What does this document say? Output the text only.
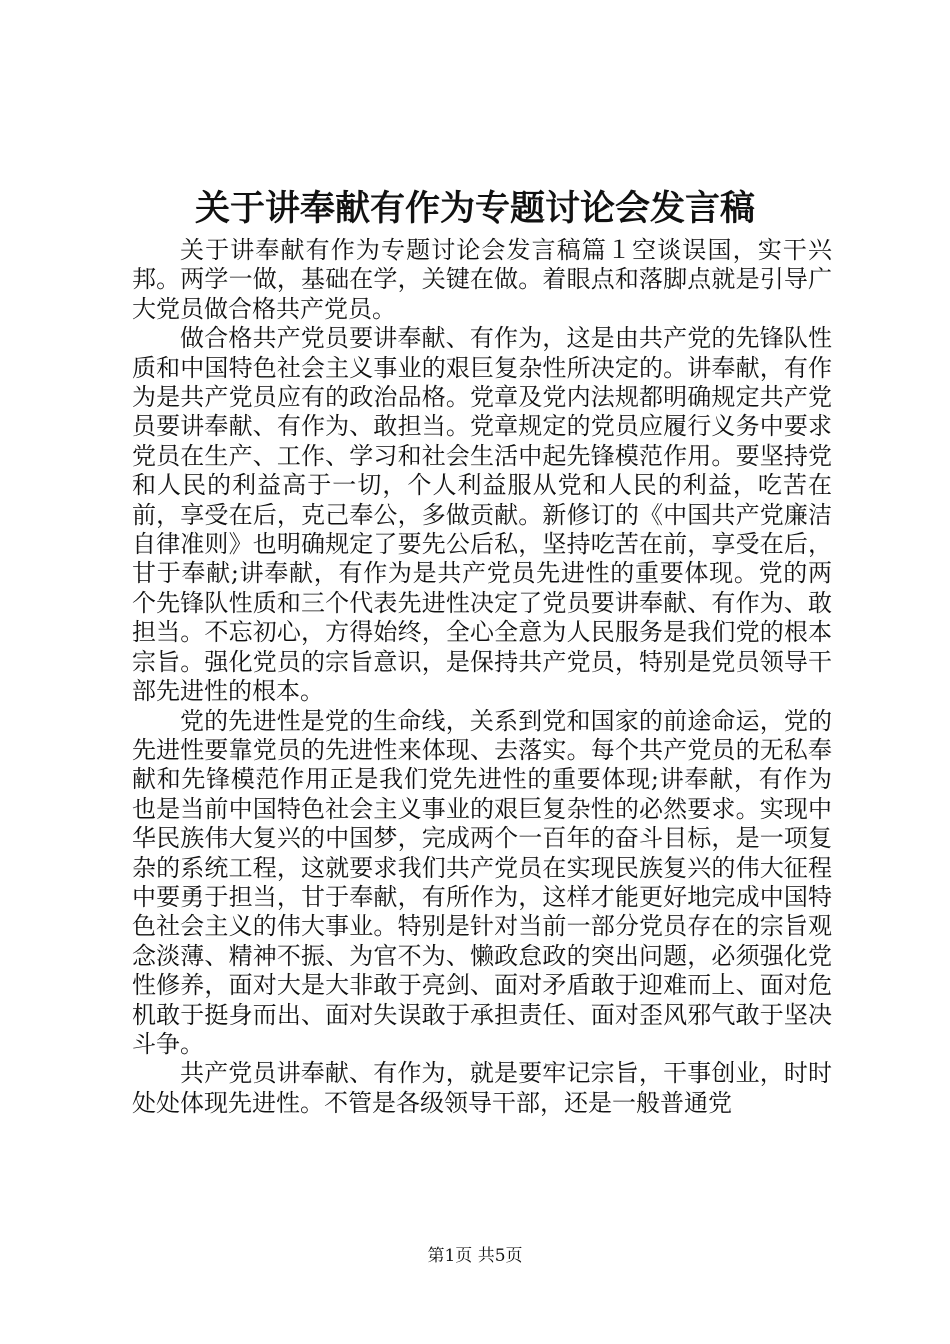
关于讲奉献有作为专题讨论会发言稿

关于讲奉献有作为专题讨论会发言稿篇１空谈误国，实干兴邦。两学一做，基础在学，关键在做。着眼点和落脚点就是引导广大党员做合格共产党员。

做合格共产党员要讲奉献、有作为，这是由共产党的先锋队性质和中国特色社会主义事业的艰巨复杂性所决定的。讲奉献，有作为是共产党员应有的政治品格。党章及党内法规都明确规定共产党员要讲奉献、有作为、敢担当。党章规定的党员应履行义务中要求党员在生产、工作、学习和社会生活中起先锋模范作用。要坚持党和人民的利益高于一切，个人利益服从党和人民的利益，吃苦在前，享受在后，克己奉公，多做贡献。新修订的《中国共产党廉洁自律准则》也明确规定了要先公后私，坚持吃苦在前，享受在后，甘于奉献;讲奉献，有作为是共产党员先进性的重要体现。党的两个先锋队性质和三个代表先进性决定了党员要讲奉献、有作为、敢担当。不忘初心，方得始终，全心全意为人民服务是我们党的根本宗旨。强化党员的宗旨意识，是保持共产党员，特别是党员领导干部先进性的根本。

党的先进性是党的生命线，关系到党和国家的前途命运，党的先进性要靠党员的先进性来体现、去落实。每个共产党员的无私奉献和先锋模范作用正是我们党先进性的重要体现;讲奉献，有作为也是当前中国特色社会主义事业的艰巨复杂性的必然要求。实现中华民族伟大复兴的中国梦，完成两个一百年的奋斗目标，是一项复杂的系统工程，这就要求我们共产党员在实现民族复兴的伟大征程中要勇于担当，甘于奉献，有所作为，这样才能更好地完成中国特色社会主义的伟大事业。特别是针对当前一部分党员存在的宗旨观念淡薄、精神不振、为官不为、懒政怠政的突出问题，必须强化党性修养，面对大是大非敢于亮剑、面对矛盾敢于迎难而上、面对危机敢于挺身而出、面对失误敢于承担责任、面对歪风邪气敢于坚决斗争。

共产党员讲奉献、有作为，就是要牢记宗旨，干事创业，时时处处体现先进性。不管是各级领导干部，还是一般普通党

第1页 共5页
